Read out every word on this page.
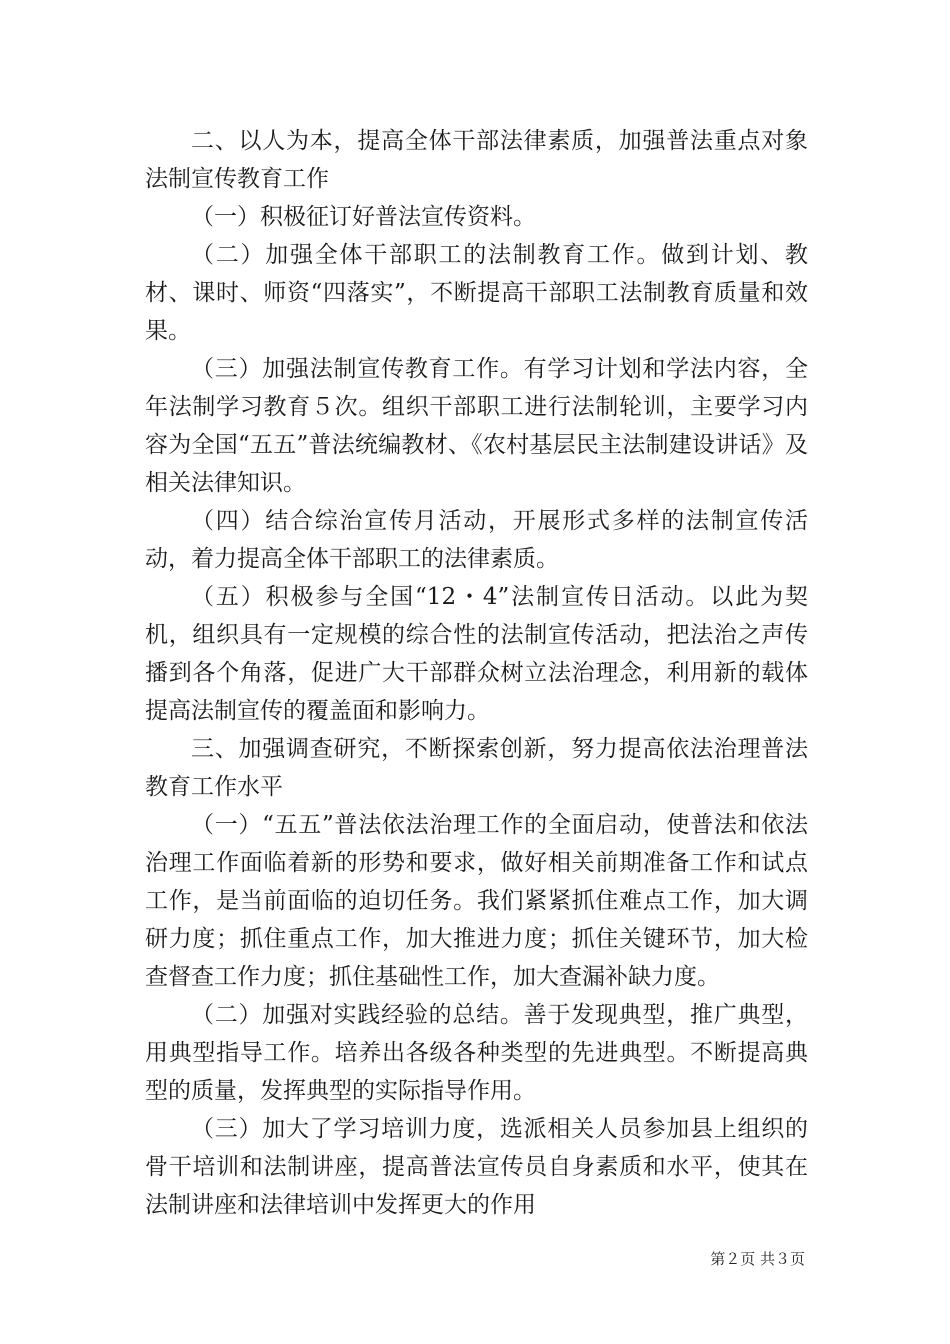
二、以人为本，提高全体干部法律素质，加强普法重点对象法制宣传教育工作

（一）积极征订好普法宣传资料。

（二）加强全体干部职工的法制教育工作。做到计划、教材、课时、师资“四落实”，不断提高干部职工法制教育质量和效果。

（三）加强法制宣传教育工作。有学习计划和学法内容，全年法制学习教育５次。组织干部职工进行法制轮训，主要学习内容为全国“五五”普法统编教材、《农村基层民主法制建设讲话》及相关法律知识。

（四）结合综治宣传月活动，开展形式多样的法制宣传活动，着力提高全体干部职工的法律素质。

（五）积极参与全国“12・4”法制宣传日活动。以此为契机，组织具有一定规模的综合性的法制宣传活动，把法治之声传播到各个角落，促进广大干部群众树立法治理念，利用新的载体提高法制宣传的覆盖面和影响力。

三、加强调查研究，不断探索创新，努力提高依法治理普法教育工作水平

（一）“五五”普法依法治理工作的全面启动，使普法和依法治理工作面临着新的形势和要求，做好相关前期准备工作和试点工作，是当前面临的迫切任务。我们紧紧抓住难点工作，加大调研力度；抓住重点工作，加大推进力度；抓住关键环节，加大检查督查工作力度；抓住基础性工作，加大查漏补缺力度。

（二）加强对实践经验的总结。善于发现典型，推广典型，用典型指导工作。培养出各级各种类型的先进典型。不断提高典型的质量，发挥典型的实际指导作用。

（三）加大了学习培训力度，选派相关人员参加县上组织的骨干培训和法制讲座，提高普法宣传员自身素质和水平，使其在法制讲座和法律培训中发挥更大的作用

第２页 共３页
